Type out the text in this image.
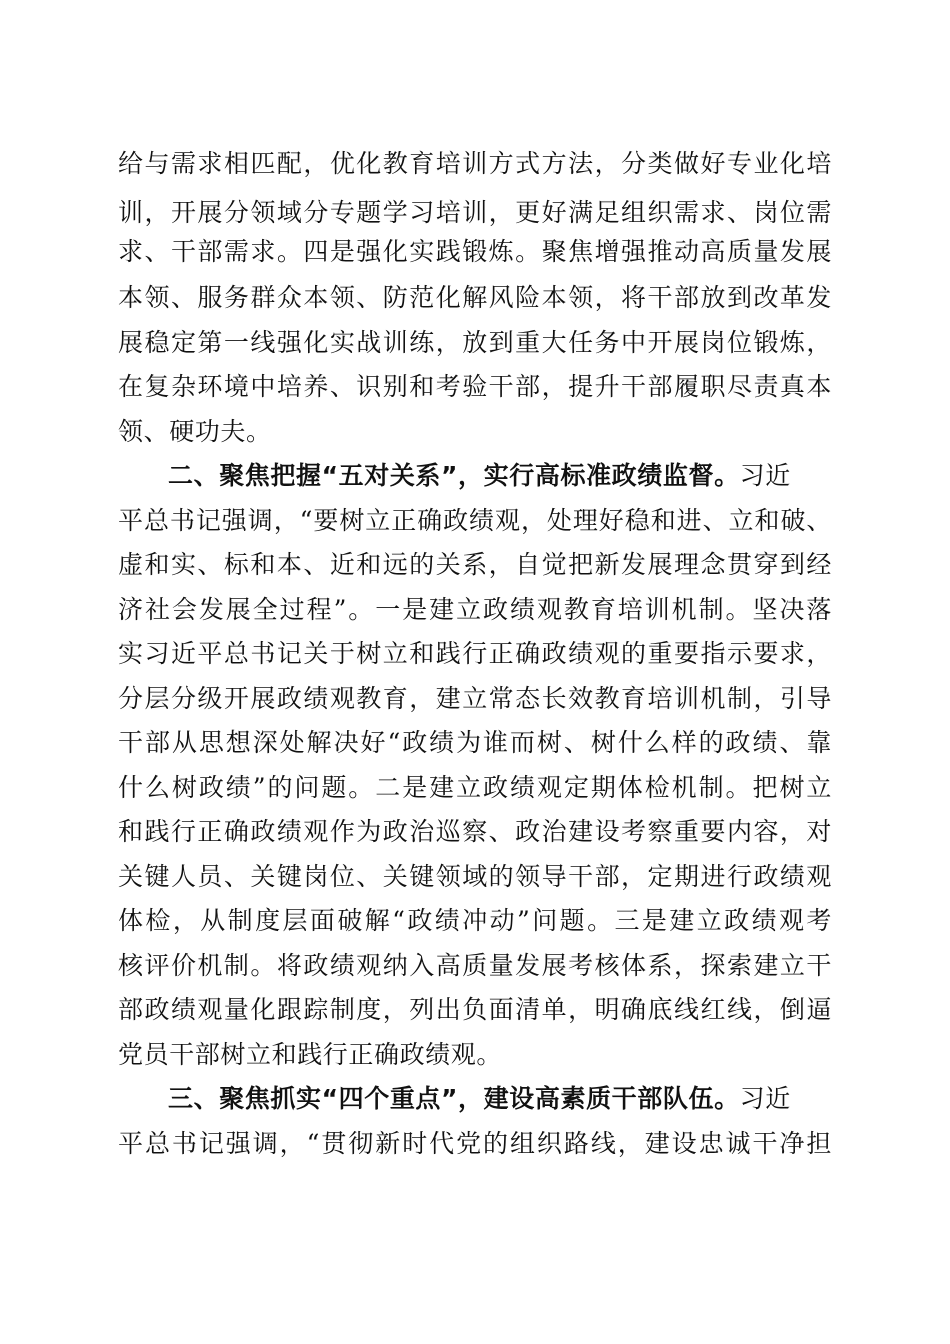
给与需求相匹配，优化教育培训方式方法，分类做好专业化培
训，开展分领域分专题学习培训，更好满足组织需求、岗位需
求、干部需求。四是强化实践锻炼。聚焦增强推动高质量发展
本领、服务群众本领、防范化解风险本领，将干部放到改革发
展稳定第一线强化实战训练，放到重大任务中开展岗位锻炼，
在复杂环境中培养、识别和考验干部，提升干部履职尽责真本
领、硬功夫。
二、聚焦把握“五对关系”，实行高标准政绩监督。习近
平总书记强调，“要树立正确政绩观，处理好稳和进、立和破、
虚和实、标和本、近和远的关系，自觉把新发展理念贯穿到经
济社会发展全过程”。一是建立政绩观教育培训机制。坚决落
实习近平总书记关于树立和践行正确政绩观的重要指示要求，
分层分级开展政绩观教育，建立常态长效教育培训机制，引导
干部从思想深处解决好“政绩为谁而树、树什么样的政绩、靠
什么树政绩”的问题。二是建立政绩观定期体检机制。把树立
和践行正确政绩观作为政治巡察、政治建设考察重要内容，对
关键人员、关键岗位、关键领域的领导干部，定期进行政绩观
体检，从制度层面破解“政绩冲动”问题。三是建立政绩观考
核评价机制。将政绩观纳入高质量发展考核体系，探索建立干
部政绩观量化跟踪制度，列出负面清单，明确底线红线，倒逼
党员干部树立和践行正确政绩观。
三、聚焦抓实“四个重点”，建设高素质干部队伍。习近
平总书记强调，“贯彻新时代党的组织路线，建设忠诚干净担
